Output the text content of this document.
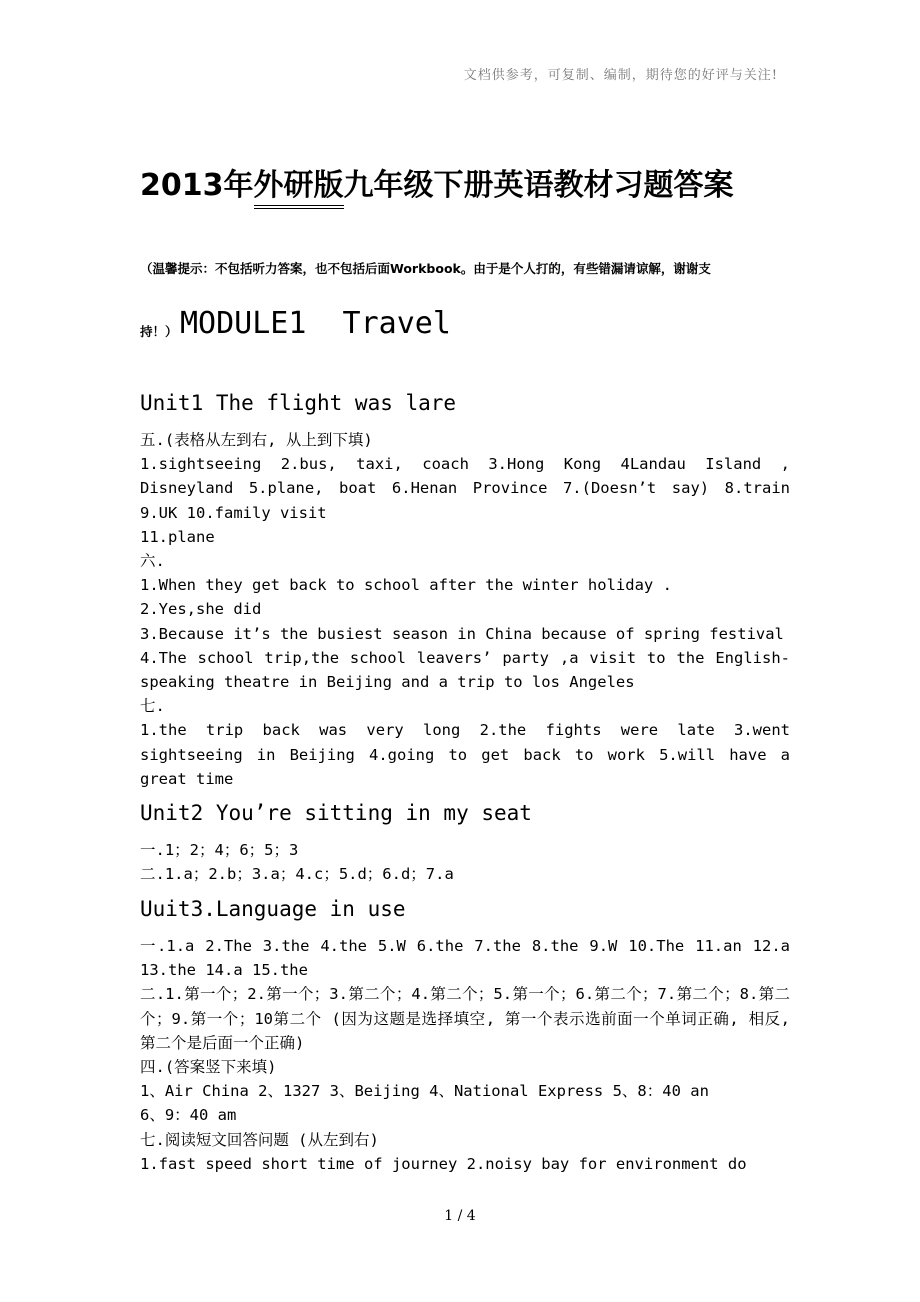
文档供参考，可复制、编制，期待您的好评与关注!
2013年外研版九年级下册英语教材习题答案
（温馨提示：不包括听力答案，也不包括后面Workbook。由于是个人打的，有些错漏请谅解，谢谢支
持！） MODULE1  Travel
Unit1 The flight was lare

五.(表格从左到右, 从上到下填)

1.sightseeing 2.bus, taxi, coach 3.Hong Kong 4Landau Island , Disneyland 5.plane, boat 6.Henan Province 7.(Doesn’t say) 8.train 9.UK 10.family visit

11.plane

六.

1.When they get back to school after the winter holiday .

2.Yes,she did

3.Because it’s the busiest season in China because of spring festival

4.The school trip,the school leavers’ party ,a visit to the English-speaking theatre in Beijing and a trip to los Angeles

七.

1.the trip back was very long 2.the fights were late 3.went sightseeing in Beijing 4.going to get back to work 5.will have a great time

Unit2 You’re sitting in my seat

一.1；2；4；6；5；3

二.1.a；2.b；3.a；4.c；5.d；6.d；7.a

Uuit3.Language in use

一.1.a 2.The 3.the 4.the 5.W 6.the 7.the 8.the 9.W 10.The 11.an 12.a 13.the 14.a 15.the

二.1.第一个；2.第一个；3.第二个；4.第二个；5.第一个；6.第二个；7.第二个；8.第二个；9.第一个；10第二个 (因为这题是选择填空, 第一个表示选前面一个单词正确, 相反, 第二个是后面一个正确)

四.(答案竖下来填)

1、Air China 2、1327 3、Beijing 4、National Express 5、8：40 an

6、9：40 am

七.阅读短文回答问题 (从左到右)

1.fast speed short time of journey 2.noisy bay for environment do

1 / 4
